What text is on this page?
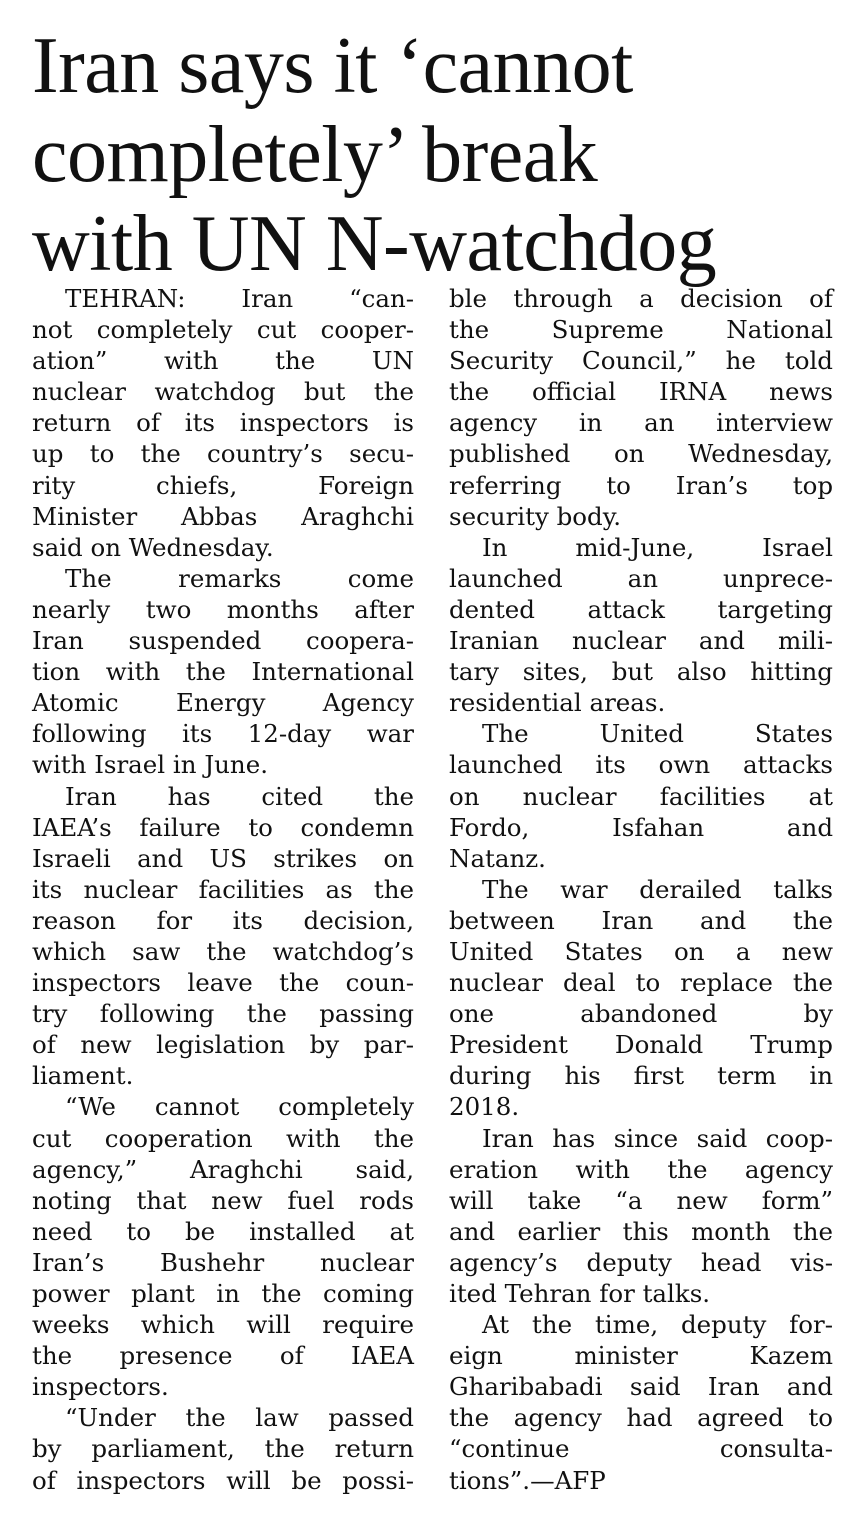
Iran says it ‘cannot
completely’ break
with UN N-watchdog
TEHRAN: Iran “can-
not completely cut cooper-
ation” with the UN
nuclear watchdog but the
return of its inspectors is
up to the country’s secu-
rity chiefs, Foreign
Minister Abbas Araghchi
said on Wednesday.
The remarks come
nearly two months after
Iran suspended coopera-
tion with the International
Atomic Energy Agency
following its 12-day war
with Israel in June.
Iran has cited the
IAEA’s failure to condemn
Israeli and US strikes on
its nuclear facilities as the
reason for its decision,
which saw the watchdog’s
inspectors leave the coun-
try following the passing
of new legislation by par-
liament.
“We cannot completely
cut cooperation with the
agency,” Araghchi said,
noting that new fuel rods
need to be installed at
Iran’s Bushehr nuclear
power plant in the coming
weeks which will require
the presence of IAEA
inspectors.
“Under the law passed
by parliament, the return
of inspectors will be possi-
ble through a decision of
the Supreme National
Security Council,” he told
the official IRNA news
agency in an interview
published on Wednesday,
referring to Iran’s top
security body.
In mid-June, Israel
launched an unprece-
dented attack targeting
Iranian nuclear and mili-
tary sites, but also hitting
residential areas.
The United States
launched its own attacks
on nuclear facilities at
Fordo, Isfahan and
Natanz.
The war derailed talks
between Iran and the
United States on a new
nuclear deal to replace the
one abandoned by
President Donald Trump
during his first term in
2018.
Iran has since said coop-
eration with the agency
will take “a new form”
and earlier this month the
agency’s deputy head vis-
ited Tehran for talks.
At the time, deputy for-
eign minister Kazem
Gharibabadi said Iran and
the agency had agreed to
“continue consulta-
tions”.—AFP
